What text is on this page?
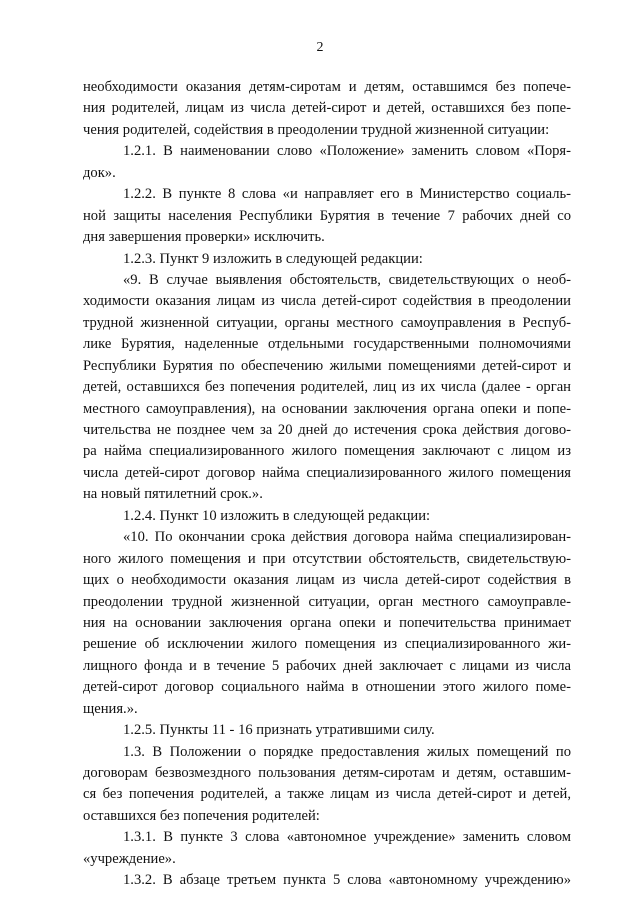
2
необходимости оказания детям-сиротам и детям, оставшимся без попече-
ния родителей, лицам из числа детей-сирот и детей, оставшихся без попе-
чения родителей, содействия в преодолении трудной жизненной ситуации:
1.2.1. В наименовании слово «Положение» заменить словом «Поря-
док».
1.2.2. В пункте 8 слова «и направляет его в Министерство социаль-
ной защиты населения Республики Бурятия в течение 7 рабочих дней со
дня завершения проверки» исключить.
1.2.3. Пункт 9 изложить в следующей редакции:
«9. В случае выявления обстоятельств, свидетельствующих о необ-
ходимости оказания лицам из числа детей-сирот содействия в преодолении
трудной жизненной ситуации, органы местного самоуправления в Респуб-
лике Бурятия, наделенные отдельными государственными полномочиями
Республики Бурятия по обеспечению жилыми помещениями детей-сирот и
детей, оставшихся без попечения родителей, лиц из их числа (далее - орган
местного самоуправления), на основании заключения органа опеки и попе-
чительства не позднее чем за 20 дней до истечения срока действия догово-
ра найма специализированного жилого помещения заключают с лицом из
числа детей-сирот договор найма специализированного жилого помещения
на новый пятилетний срок.».
1.2.4. Пункт 10 изложить в следующей редакции:
«10. По окончании срока действия договора найма специализирован-
ного жилого помещения и при отсутствии обстоятельств, свидетельствую-
щих о необходимости оказания лицам из числа детей-сирот содействия в
преодолении трудной жизненной ситуации, орган местного самоуправле-
ния на основании заключения органа опеки и попечительства принимает
решение об исключении жилого помещения из специализированного жи-
лищного фонда и в течение 5 рабочих дней заключает с лицами из числа
детей-сирот договор социального найма в отношении этого жилого поме-
щения.».
1.2.5. Пункты 11 - 16 признать утратившими силу.
1.3. В Положении о порядке предоставления жилых помещений по
договорам безвозмездного пользования детям-сиротам и детям, оставшим-
ся без попечения родителей, а также лицам из числа детей-сирот и детей,
оставшихся без попечения родителей:
1.3.1. В пункте 3 слова «автономное учреждение» заменить словом
«учреждение».
1.3.2. В абзаце третьем пункта 5 слова «автономному учреждению»
